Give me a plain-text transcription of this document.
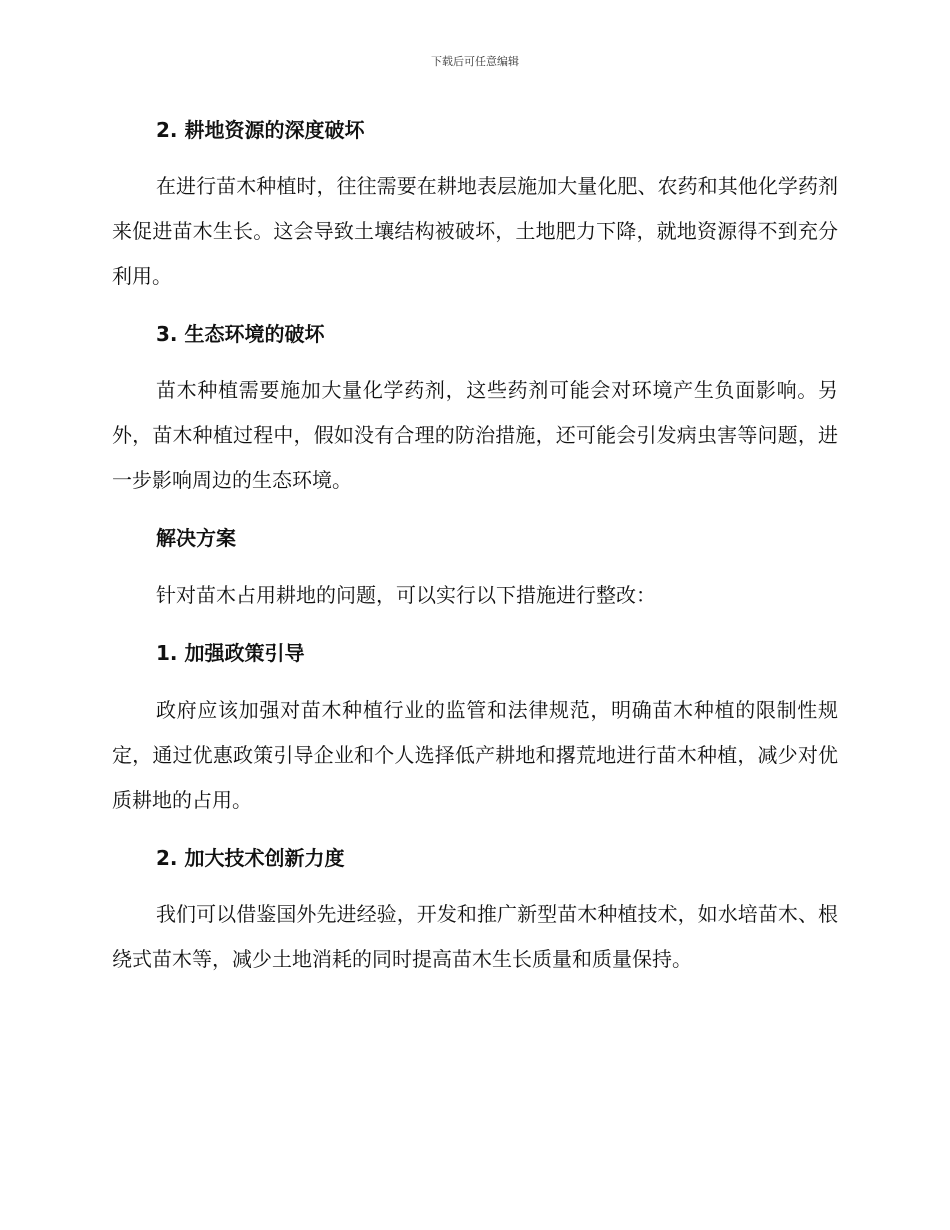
下载后可任意编辑
2. 耕地资源的深度破坏
在进行苗木种植时，往往需要在耕地表层施加大量化肥、农药和其他化学药剂来促进苗木生长。这会导致土壤结构被破坏，土地肥力下降，就地资源得不到充分利用。
3. 生态环境的破坏
苗木种植需要施加大量化学药剂，这些药剂可能会对环境产生负面影响。另外，苗木种植过程中，假如没有合理的防治措施，还可能会引发病虫害等问题，进一步影响周边的生态环境。
解决方案
针对苗木占用耕地的问题，可以实行以下措施进行整改：
1. 加强政策引导
政府应该加强对苗木种植行业的监管和法律规范，明确苗木种植的限制性规定，通过优惠政策引导企业和个人选择低产耕地和撂荒地进行苗木种植，减少对优质耕地的占用。
2. 加大技术创新力度
我们可以借鉴国外先进经验，开发和推广新型苗木种植技术，如水培苗木、根绕式苗木等，减少土地消耗的同时提高苗木生长质量和质量保持。
